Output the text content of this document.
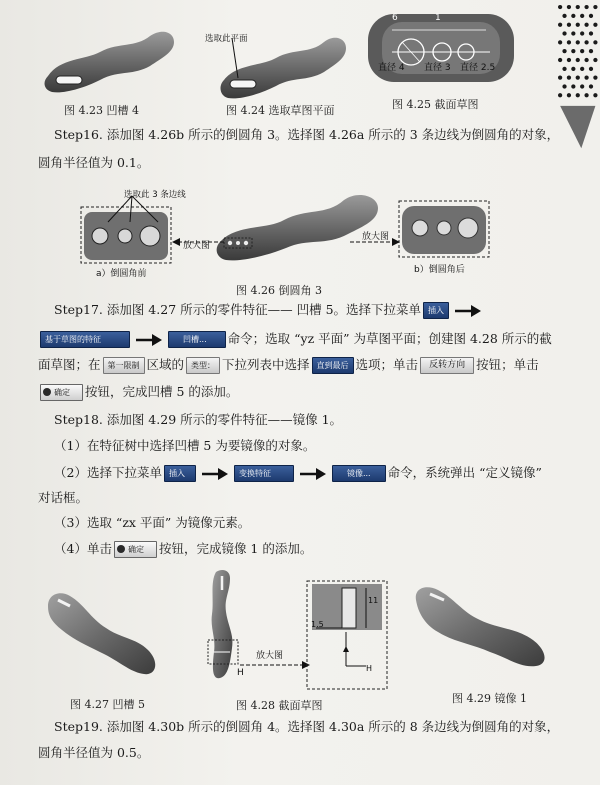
图 4.23 凹槽 4
选取此平面
图 4.24 选取草图平面
6	1
直径 4 直径 3 直径 2.5
图 4.25 截面草图
Step16. 添加图 4.26b 所示的倒圆角 3。选择图 4.26a 所示的 3 条边线为倒圆角的对象，
圆角半径值为 0.1。
选取此 3 条边线
a）倒圆角前
放大图
放大图
b）倒圆角后
图 4.26 倒圆角 3
Step17. 添加图 4.27 所示的零件特征—— 凹槽 5。选择下拉菜单 插入
基于草图的特征	凹槽... 命令；选取 “yz 平面” 为草图平面；创建图 4.28 所示的截
面草图；在 第一限制 区域的 类型： 下拉列表中选择 直到最后 选项；单击 反转方向 按钮；单击
确定 按钮，完成凹槽 5 的添加。
Step18. 添加图 4.29 所示的零件特征——镜像 1。
（1）在特征树中选择凹槽 5 为要镜像的对象。
（2）选择下拉菜单 插入	变换特征	镜像... 命令，系统弹出 “定义镜像”
对话框。
（3）选取 “zx 平面” 为镜像元素。
（4）单击 确定 按钮，完成镜像 1 的添加。
图 4.27 凹槽 5
H
放大图
1.5
H
11
图 4.28 截面草图
图 4.29 镜像 1
Step19. 添加图 4.30b 所示的倒圆角 4。选择图 4.30a 所示的 8 条边线为倒圆角的对象，
圆角半径值为 0.5。
